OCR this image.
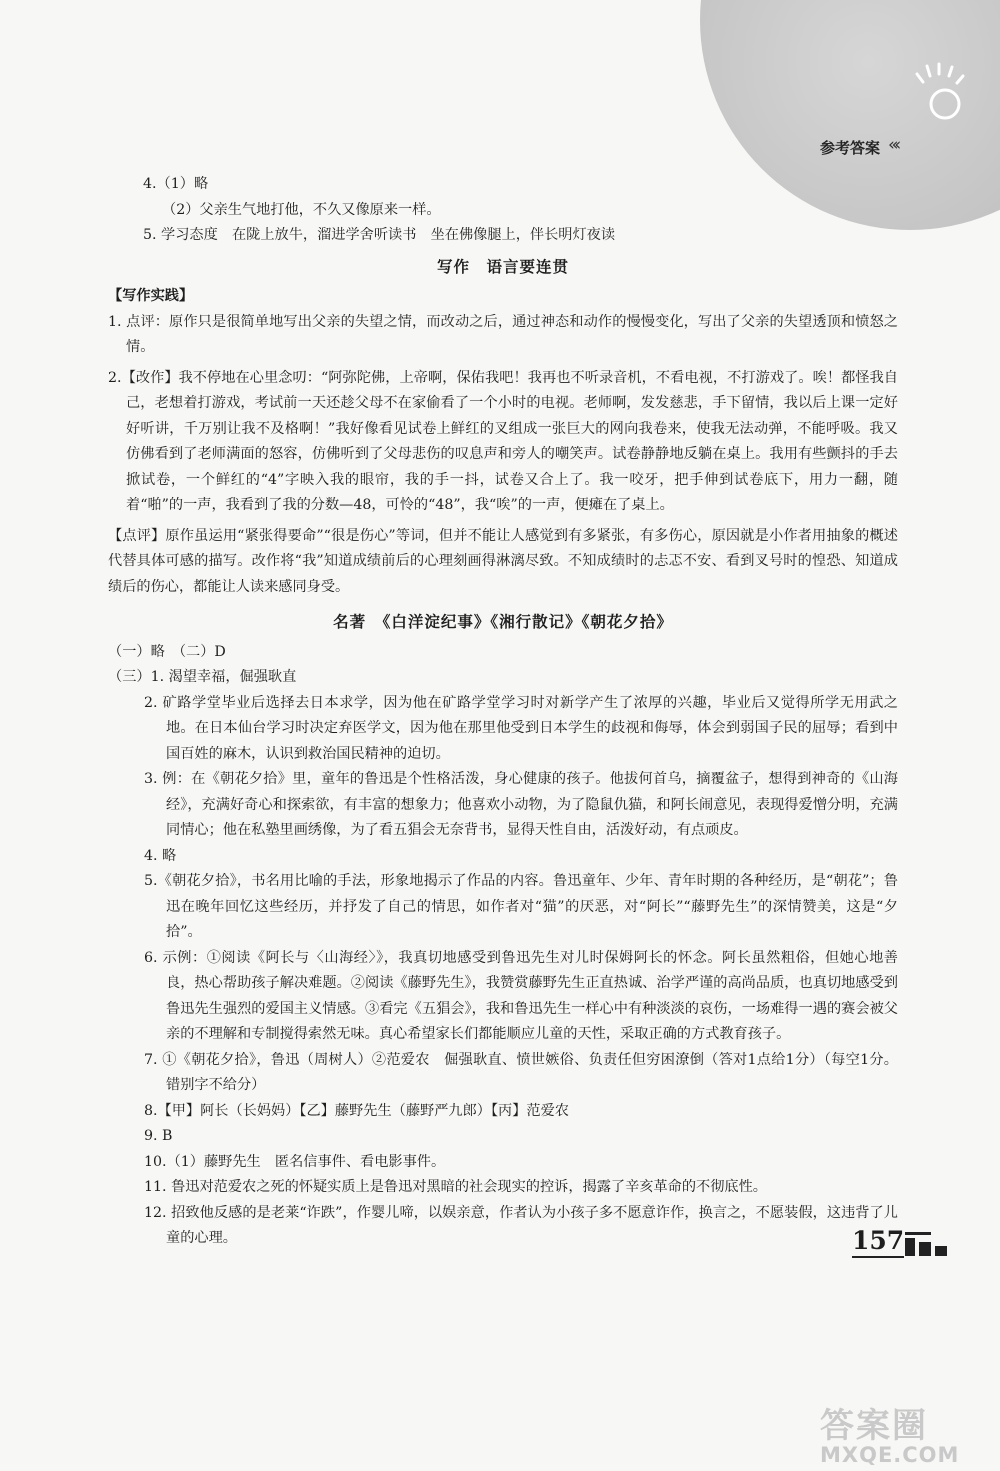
参考答案 «‹

4.（1）略

（2）父亲生气地打他，不久又像原来一样。

5. 学习态度　在陇上放牛，溜进学舍听读书　坐在佛像腿上，伴长明灯夜读

写作　语言要连贯

【写作实践】

1. 点评：原作只是很简单地写出父亲的失望之情，而改动之后，通过神态和动作的慢慢变化，写出了父亲的失望透顶和愤怒之情。

2.【改作】我不停地在心里念叨：“阿弥陀佛，上帝啊，保佑我吧！我再也不听录音机，不看电视，不打游戏了。唉！都怪我自己，老想着打游戏，考试前一天还趁父母不在家偷看了一个小时的电视。老师啊，发发慈悲，手下留情，我以后上课一定好好听讲，千万别让我不及格啊！”我好像看见试卷上鲜红的叉组成一张巨大的网向我卷来，使我无法动弹，不能呼吸。我又仿佛看到了老师满面的怒容，仿佛听到了父母悲伤的叹息声和旁人的嘲笑声。试卷静静地反躺在桌上。我用有些颤抖的手去掀试卷，一个鲜红的“4”字映入我的眼帘，我的手一抖，试卷又合上了。我一咬牙，把手伸到试卷底下，用力一翻，随着“啪”的一声，我看到了我的分数—48，可怜的“48”，我“唉”的一声，便瘫在了桌上。

【点评】原作虽运用“紧张得要命”“很是伤心”等词，但并不能让人感觉到有多紧张，有多伤心，原因就是小作者用抽象的概述代替具体可感的描写。改作将“我”知道成绩前后的心理刻画得淋漓尽致。不知成绩时的忐忑不安、看到叉号时的惶恐、知道成绩后的伤心，都能让人读来感同身受。

名著　《白洋淀纪事》《湘行散记》《朝花夕拾》

（一）略　（二）D

（三）1. 渴望幸福，倔强耿直

2. 矿路学堂毕业后选择去日本求学，因为他在矿路学堂学习时对新学产生了浓厚的兴趣，毕业后又觉得所学无用武之地。在日本仙台学习时决定弃医学文，因为他在那里他受到日本学生的歧视和侮辱，体会到弱国子民的屈辱；看到中国百姓的麻木，认识到救治国民精神的迫切。

3. 例：在《朝花夕拾》里，童年的鲁迅是个性格活泼，身心健康的孩子。他拔何首乌，摘覆盆子，想得到神奇的《山海经》，充满好奇心和探索欲，有丰富的想象力；他喜欢小动物，为了隐鼠仇猫，和阿长闹意见，表现得爱憎分明，充满同情心；他在私塾里画绣像，为了看五猖会无奈背书，显得天性自由，活泼好动，有点顽皮。

4. 略

5.《朝花夕拾》，书名用比喻的手法，形象地揭示了作品的内容。鲁迅童年、少年、青年时期的各种经历，是“朝花”；鲁迅在晚年回忆这些经历，并抒发了自己的情思，如作者对“猫”的厌恶，对“阿长”“藤野先生”的深情赞美，这是“夕拾”。

6. 示例：①阅读《阿长与〈山海经〉》，我真切地感受到鲁迅先生对儿时保姆阿长的怀念。阿长虽然粗俗，但她心地善良，热心帮助孩子解决难题。②阅读《藤野先生》，我赞赏藤野先生正直热诚、治学严谨的高尚品质，也真切地感受到鲁迅先生强烈的爱国主义情感。③看完《五猖会》，我和鲁迅先生一样心中有种淡淡的哀伤，一场难得一遇的赛会被父亲的不理解和专制搅得索然无味。真心希望家长们都能顺应儿童的天性，采取正确的方式教育孩子。

7. ①《朝花夕拾》，鲁迅（周树人）②范爱农　倔强耿直、愤世嫉俗、负责任但穷困潦倒（答对1点给1分）（每空1分。错别字不给分）

8.【甲】阿长（长妈妈）【乙】藤野先生（藤野严九郎）【丙】范爱农

9. B

10.（1）藤野先生　匿名信事件、看电影事件。

11. 鲁迅对范爱农之死的怀疑实质上是鲁迅对黑暗的社会现实的控诉，揭露了辛亥革命的不彻底性。

12. 招致他反感的是老莱“诈跌”，作婴儿啼，以娱亲意，作者认为小孩子多不愿意诈作，换言之，不愿装假，这违背了儿童的心理。	157
答案圈
MXQE.COM
